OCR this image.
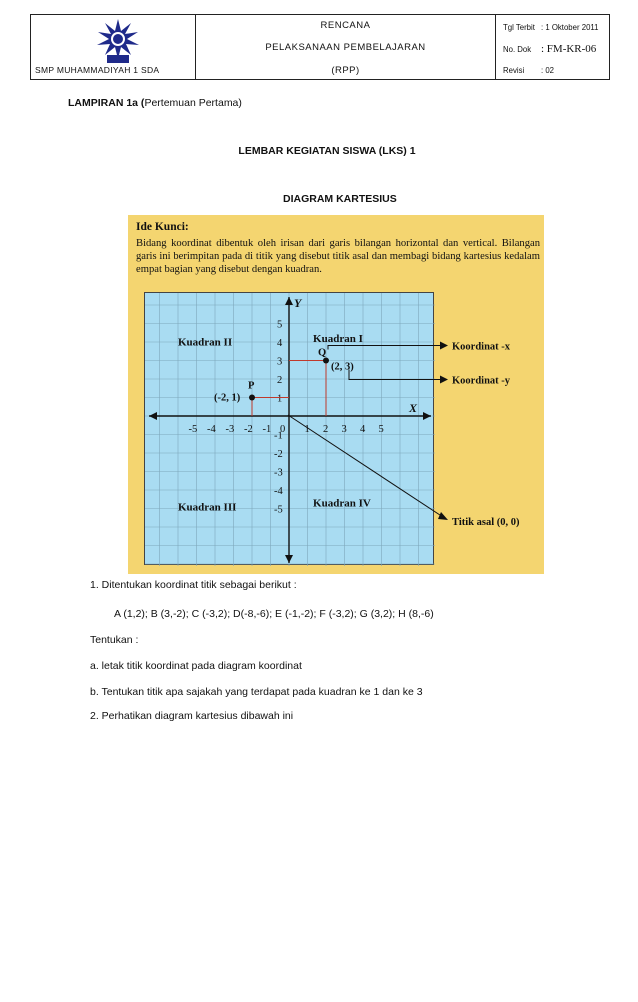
SMP MUHAMMADIYAH 1 SDA
RENCANA
PELAKSANAAN PEMBELAJARAN
(RPP)
Tgl Terbit : 1 Oktober 2011
No. Dok : FM-KR-06
Revisi : 02
LAMPIRAN 1a (Pertemuan Pertama)
LEMBAR KEGIATAN SISWA (LKS) 1
DIAGRAM KARTESIUS
Ide Kunci:
Bidang koordinat dibentuk oleh irisan dari garis bilangan horizontal dan vertical. Bilangan garis ini berimpitan pada di titik yang disebut titik asal dan membagi bidang kartesius kedalam empat bagian yang disebut dengan kuadran.
X
Y
-5 -4 -3 -2 -1 0 1 2 3 4 5
1
2
3
4
5
-1
-2
-3
-4
-5
Kuadran I
Kuadran II
Kuadran III	Kuadran IV
P
(-2, 1)
Q
(2, 3)
Koordinat -x
Koordinat -y
Titik asal (0, 0)
1. Ditentukan koordinat titik sebagai berikut :
A (1,2); B (3,-2); C (-3,2); D(-8,-6); E (-1,-2); F (-3,2); G (3,2); H (8,-6)
Tentukan :
a. letak titik koordinat pada diagram koordinat
b. Tentukan titik apa sajakah yang terdapat pada kuadran ke 1 dan ke 3
2. Perhatikan diagram kartesius dibawah ini
